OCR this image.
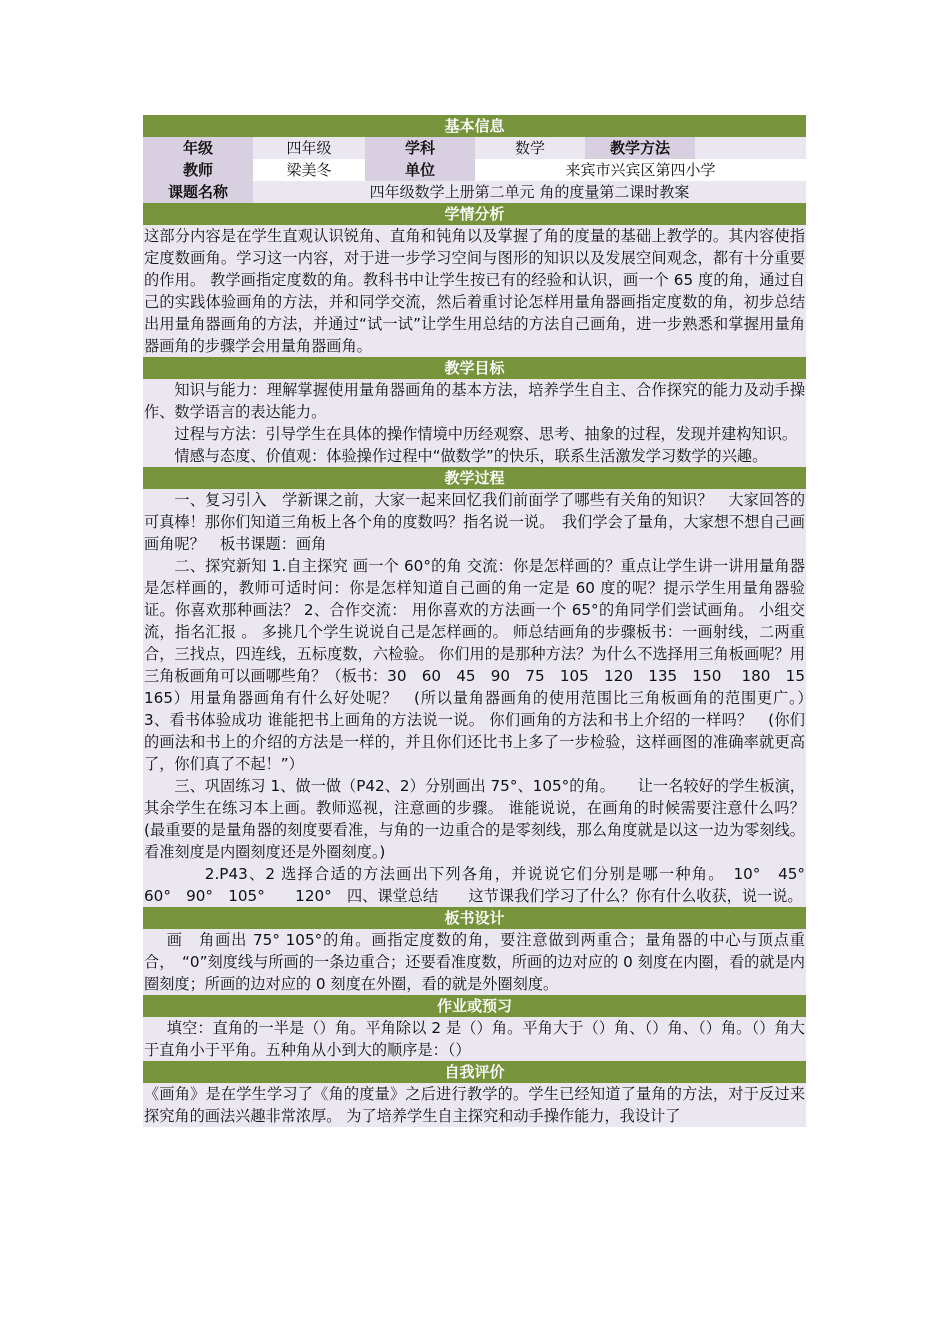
基本信息
年级	四年级	学科	数学	教学方法
教师	梁美冬	单位	来宾市兴宾区第四小学
课题名称	四年级数学上册第二单元 角的度量第二课时教案
学情分析

这部分内容是在学生直观认识锐角、直角和钝角以及掌握了角的度量的基础上教学的。其内容使指定度数画角。学习这一内容，对于进一步学习空间与图形的知识以及发展空间观念，都有十分重要的作用。 教学画指定度数的角。教科书中让学生按已有的经验和认识，画一个 65 度的角，通过自己的实践体验画角的方法，并和同学交流，然后着重讨论怎样用量角器画指定度数的角，初步总结出用量角器画角的方法，并通过“试一试”让学生用总结的方法自己画角，进一步熟悉和掌握用量角器画角的步骤学会用量角器画角。

教学目标

知识与能力：理解掌握使用量角器画角的基本方法，培养学生自主、合作探究的能力及动手操作、数学语言的表达能力。

过程与方法：引导学生在具体的操作情境中历经观察、思考、抽象的过程，发现并建构知识。

情感与态度、价值观：体验操作过程中“做数学”的快乐，联系生活激发学习数学的兴趣。

教学过程

一、复习引入　学新课之前，大家一起来回忆我们前面学了哪些有关角的知识？　大家回答的可真棒！那你们知道三角板上各个角的度数吗？指名说一说。　我们学会了量角，大家想不想自己画画角呢？　板书课题：画角

二、探究新知 1.自主探究 画一个 60°的角 交流：你是怎样画的？重点让学生讲一讲用量角器是怎样画的，教师可适时问：你是怎样知道自己画的角一定是 60 度的呢？提示学生用量角器验证。你喜欢那种画法？ 2、合作交流： 用你喜欢的方法画一个 65°的角同学们尝试画角。 小组交流，指名汇报 。 多挑几个学生说说自己是怎样画的。 师总结画角的步骤板书：一画射线，二两重合，三找点，四连线，五标度数，六检验。 你们用的是那种方法？为什么不选择用三角板画呢？用三角板画角可以画哪些角？（板书：30　60　45　90　75　105　120　135　150　 180　15　165）用量角器画角有什么好处呢？　(所以量角器画角的使用范围比三角板画角的范围更广。）　3、看书体验成功 谁能把书上画角的方法说一说。 你们画角的方法和书上介绍的一样吗？　(你们的画法和书上的介绍的方法是一样的，并且你们还比书上多了一步检验，这样画图的准确率就更高了，你们真了不起！”）

三、巩固练习 1、做一做（P42、2）分别画出 75°、105°的角。　　让一名较好的学生板演，其余学生在练习本上画。教师巡视，注意画的步骤。 谁能说说，在画角的时候需要注意什么吗？　(最重要的是量角器的刻度要看准，与角的一边重合的是零刻线，那么角度就是以这一边为零刻线。看准刻度是内圈刻度还是外圈刻度。)

2.P43、2 选择合适的方法画出下列各角，并说说它们分别是哪一种角。　10°　45°　60°　90°　105°　　120°　四、课堂总结　　这节课我们学习了什么？你有什么收获，说一说。

板书设计

画　角画出 75° 105°的角。画指定度数的角，要注意做到两重合；量角器的中心与顶点重合，　“0”刻度线与所画的一条边重合；还要看准度数，所画的边对应的 0 刻度在内圈，看的就是内圈刻度；所画的边对应的 0 刻度在外圈，看的就是外圈刻度。

作业或预习

填空：直角的一半是（）角。平角除以 2 是（）角。平角大于（）角、（）角、（）角。（）角大于直角小于平角。五种角从小到大的顺序是：（）

自我评价

《画角》是在学生学习了《角的度量》之后进行教学的。学生已经知道了量角的方法，对于反过来探究角的画法兴趣非常浓厚。 为了培养学生自主探究和动手操作能力，我设计了
